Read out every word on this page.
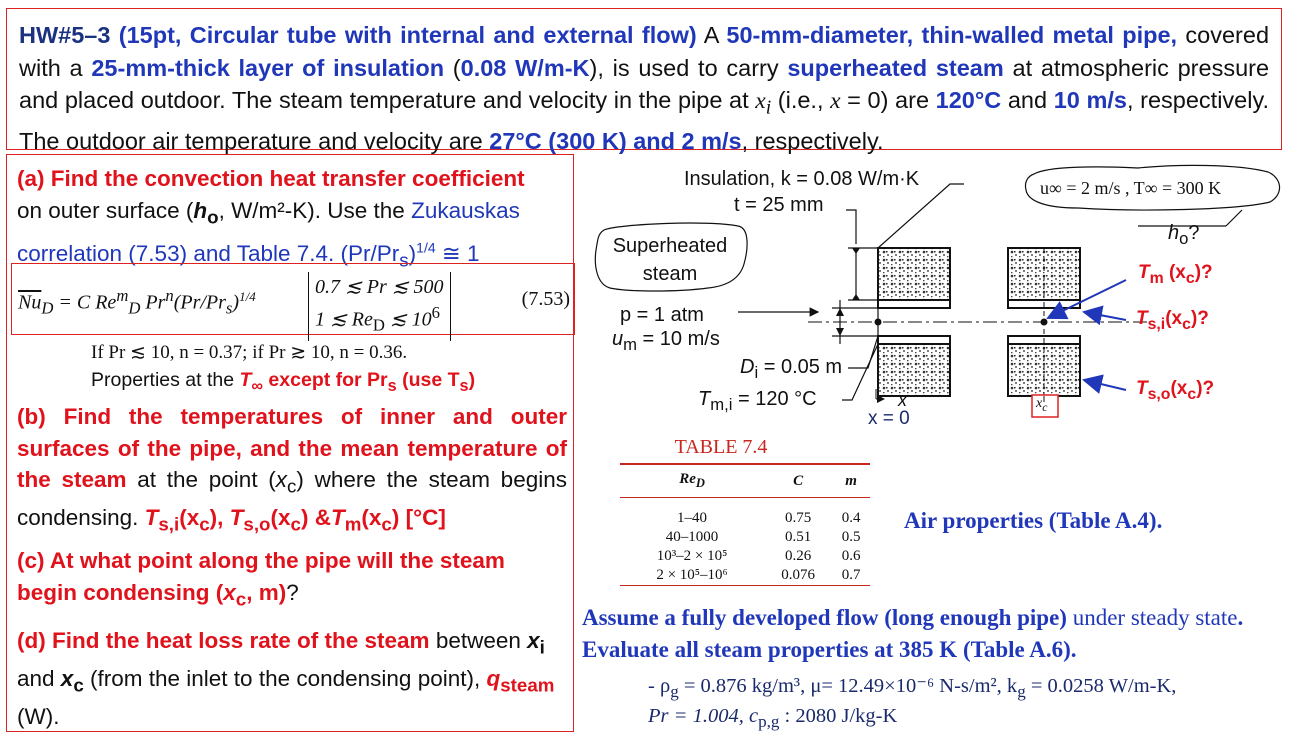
HW#5–3 (15pt, Circular tube with internal and external flow) A 50-mm-diameter, thin-walled metal pipe, covered with a 25-mm-thick layer of insulation (0.08 W/m-K), is used to carry superheated steam at atmospheric pressure and placed outdoor. The steam temperature and velocity in the pipe at $x_i$ (i.e., x = 0) are 120°C and 10 m/s, respectively. The outdoor air temperature and velocity are 27°C (300 K) and 2 m/s, respectively.
(a) Find the convection heat transfer coefficient
on outer surface ($h_o$, W/m²-K). Use the Zukauskas correlation (7.53) and Table 7.4. $(Pr/Pr_s)^{1/4}$ ≅ 1
$\overline{Nu}_D = C$ $Re^m_D$ $Pr^n(Pr/Pr_s)^{1/4}$	0.7 ≲ Pr ≲ 500
1 ≲ $Re_D$ ≲ $10^6$
(7.53)
If Pr ≲ 10, n = 0.37; if Pr ≳ 10, n = 0.36.
Properties at the $T_\infty$ except for $Pr_s$ (use $T_s$)
(b) Find the temperatures of inner and outer surfaces of the pipe, and the mean temperature of the steam at the point $(x_c)$ where the steam begins condensing. $T_{s,i}(x_c)$, $T_{s,o}(x_c)$ $\&T_m(x_c)$ [°C]
(c) At what point along the pipe will the steam begin condensing ($x_c$, m)?
(d) Find the heat loss rate of the steam between $x_i$ and $x_c$ (from the inlet to the condensing point), $q_{steam}$ (W).
Insulation, k = 0.08 W/m·K
t = 25 mm
Superheated
steam
p = 1 atm
$u_m = 10$ m/s
$D_i = 0.05$ m
$T_{m,i} = 120$ °C	x
x = 0
u∞ = 2 m/s , T∞ = 300 K
$h_o$?
$T_m$ $(x_c)$?
$T_{s,i}(x_c)$?
$T_{s,o}(x_c)$?
$x_c$
TABLE 7.4
$Re_D$	C	m
1–40	0.75	0.4
40–1000	0.51	0.5
10³–2 × 10⁵	0.26	0.6
2 × 10⁵–10⁶	0.076	0.7
Air properties (Table A.4).
Assume a fully developed flow (long enough pipe) under steady state. Evaluate all steam properties at 385 K (Table A.6).
- $\rho_g = 0.876$ kg/m³, μ= 12.49×10⁻⁶ N-s/m², $k_g = 0.0258$ W/m-K,
Pr = 1.004, $c_{p,g}$ : 2080 J/kg-K
